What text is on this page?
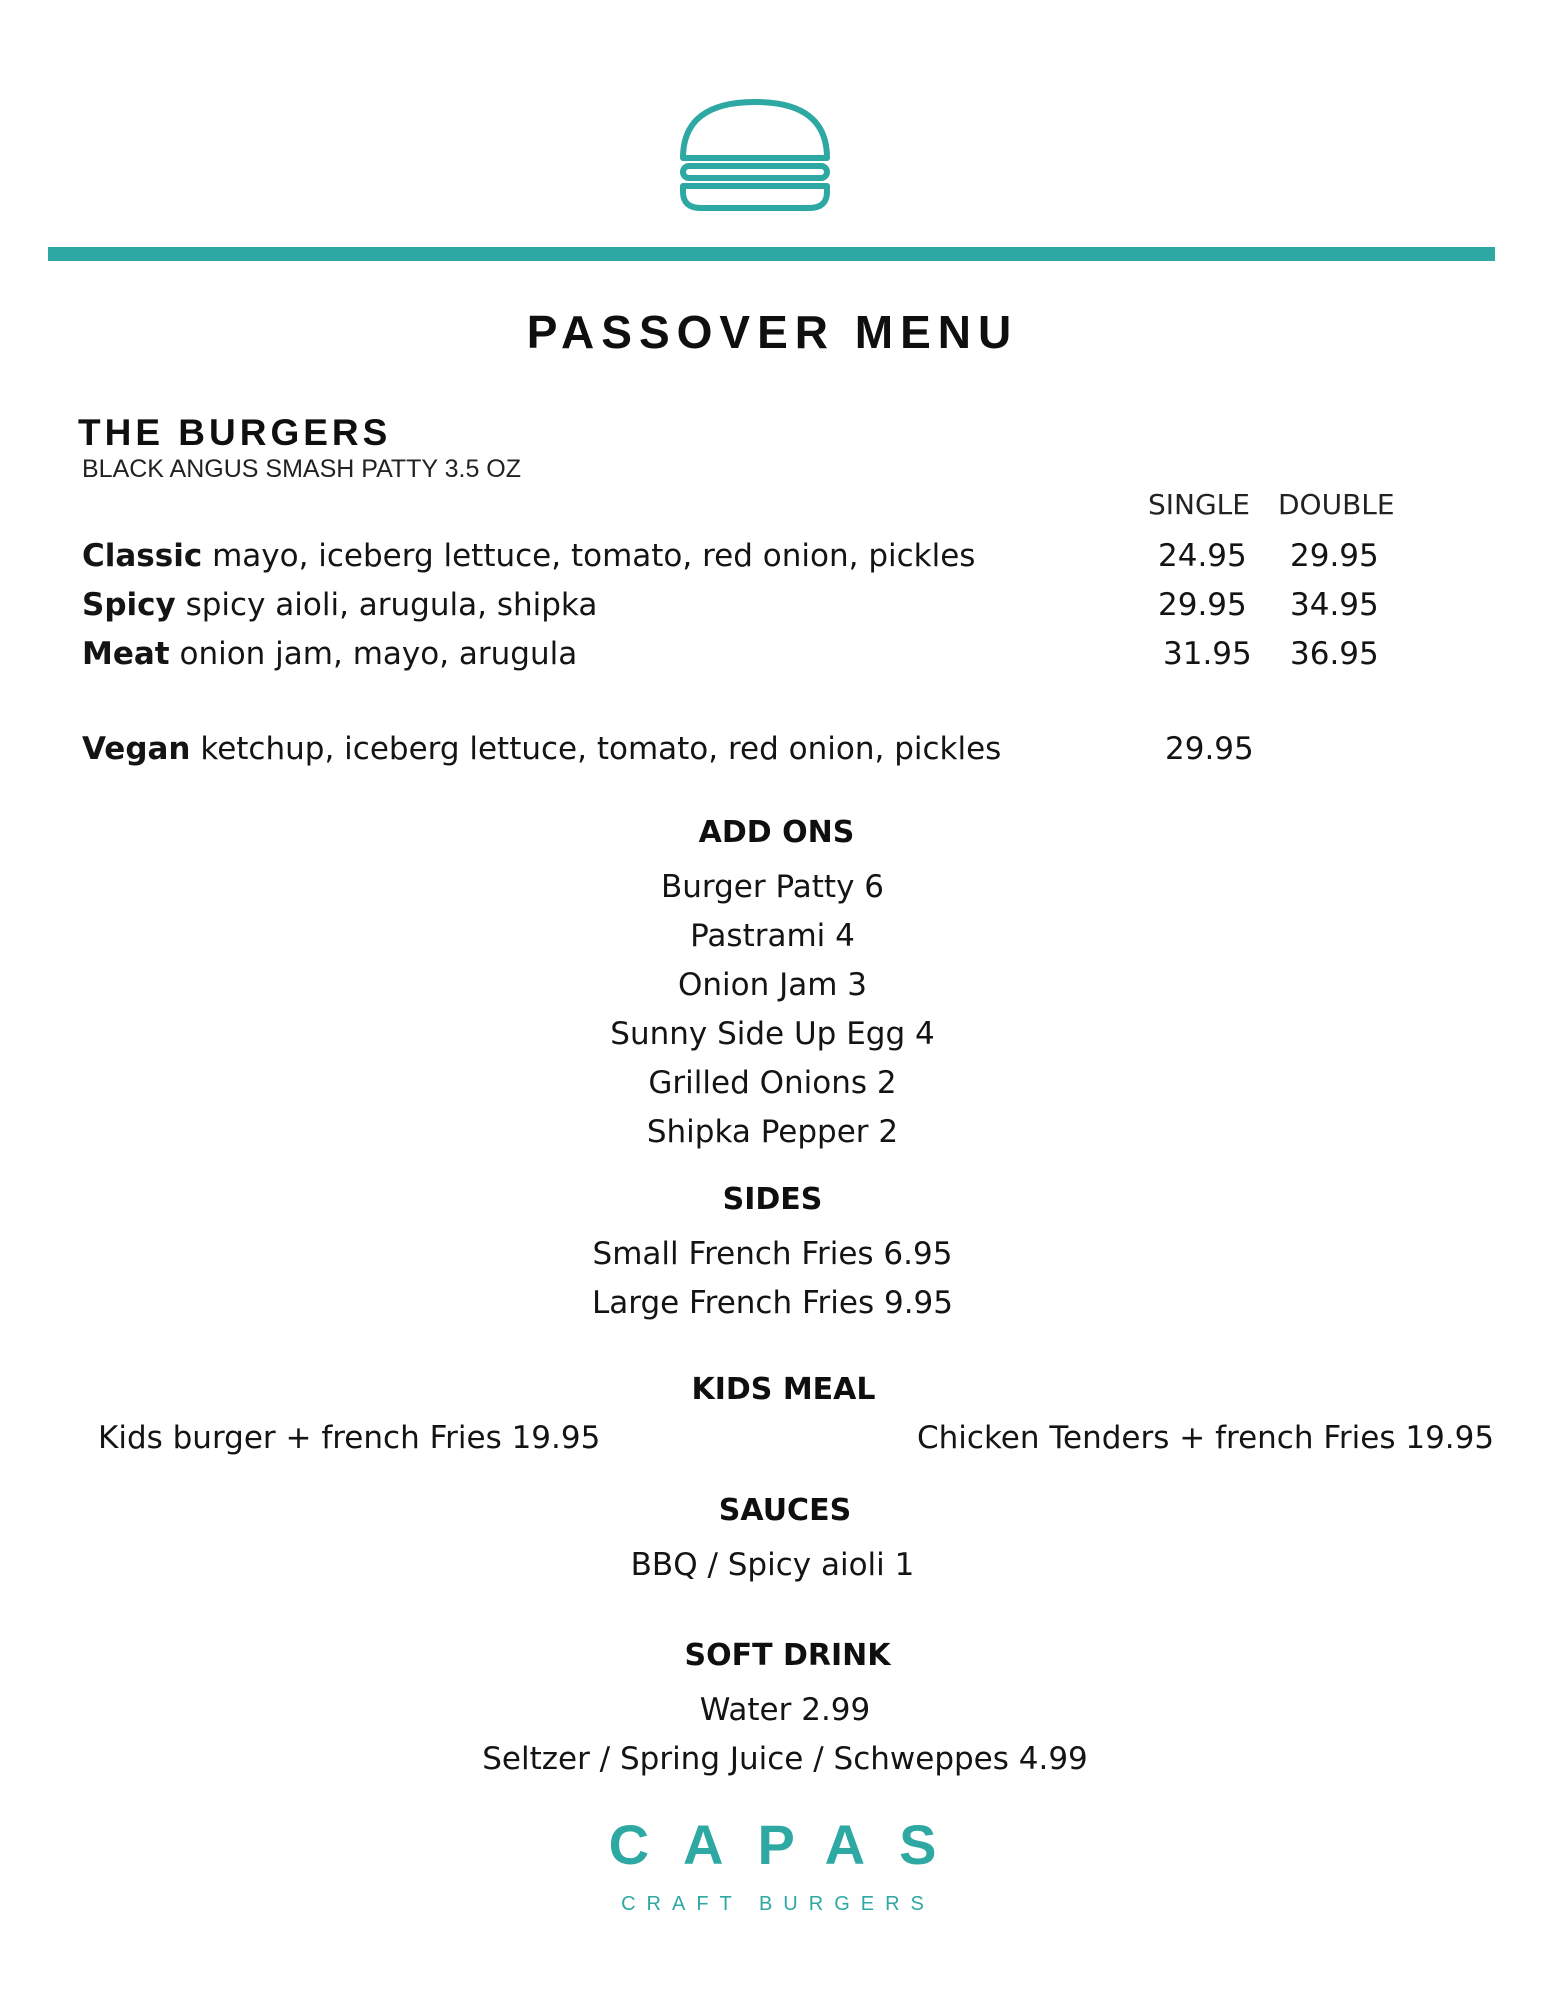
PASSOVER MENU
THE BURGERS
BLACK ANGUS SMASH PATTY 3.5 OZ
SINGLE DOUBLE
Classic mayo, iceberg lettuce, tomato, red onion, pickles	24.95 29.95
Spicy spicy aioli, arugula, shipka	29.95 34.95
Meat onion jam, mayo, arugula	31.95 36.95
Vegan ketchup, iceberg lettuce, tomato, red onion, pickles	29.95
ADD ONS
Burger Patty 6
Pastrami 4
Onion Jam 3
Sunny Side Up Egg 4
Grilled Onions 2
Shipka Pepper 2
SIDES
Small French Fries 6.95
Large French Fries 9.95
KIDS MEAL
Kids burger + french Fries 19.95	Chicken Tenders + french Fries 19.95
SAUCES
BBQ / Spicy aioli 1
SOFT DRINK
Water 2.99
Seltzer / Spring Juice / Schweppes 4.99
CAPAS
CRAFT BURGERS
